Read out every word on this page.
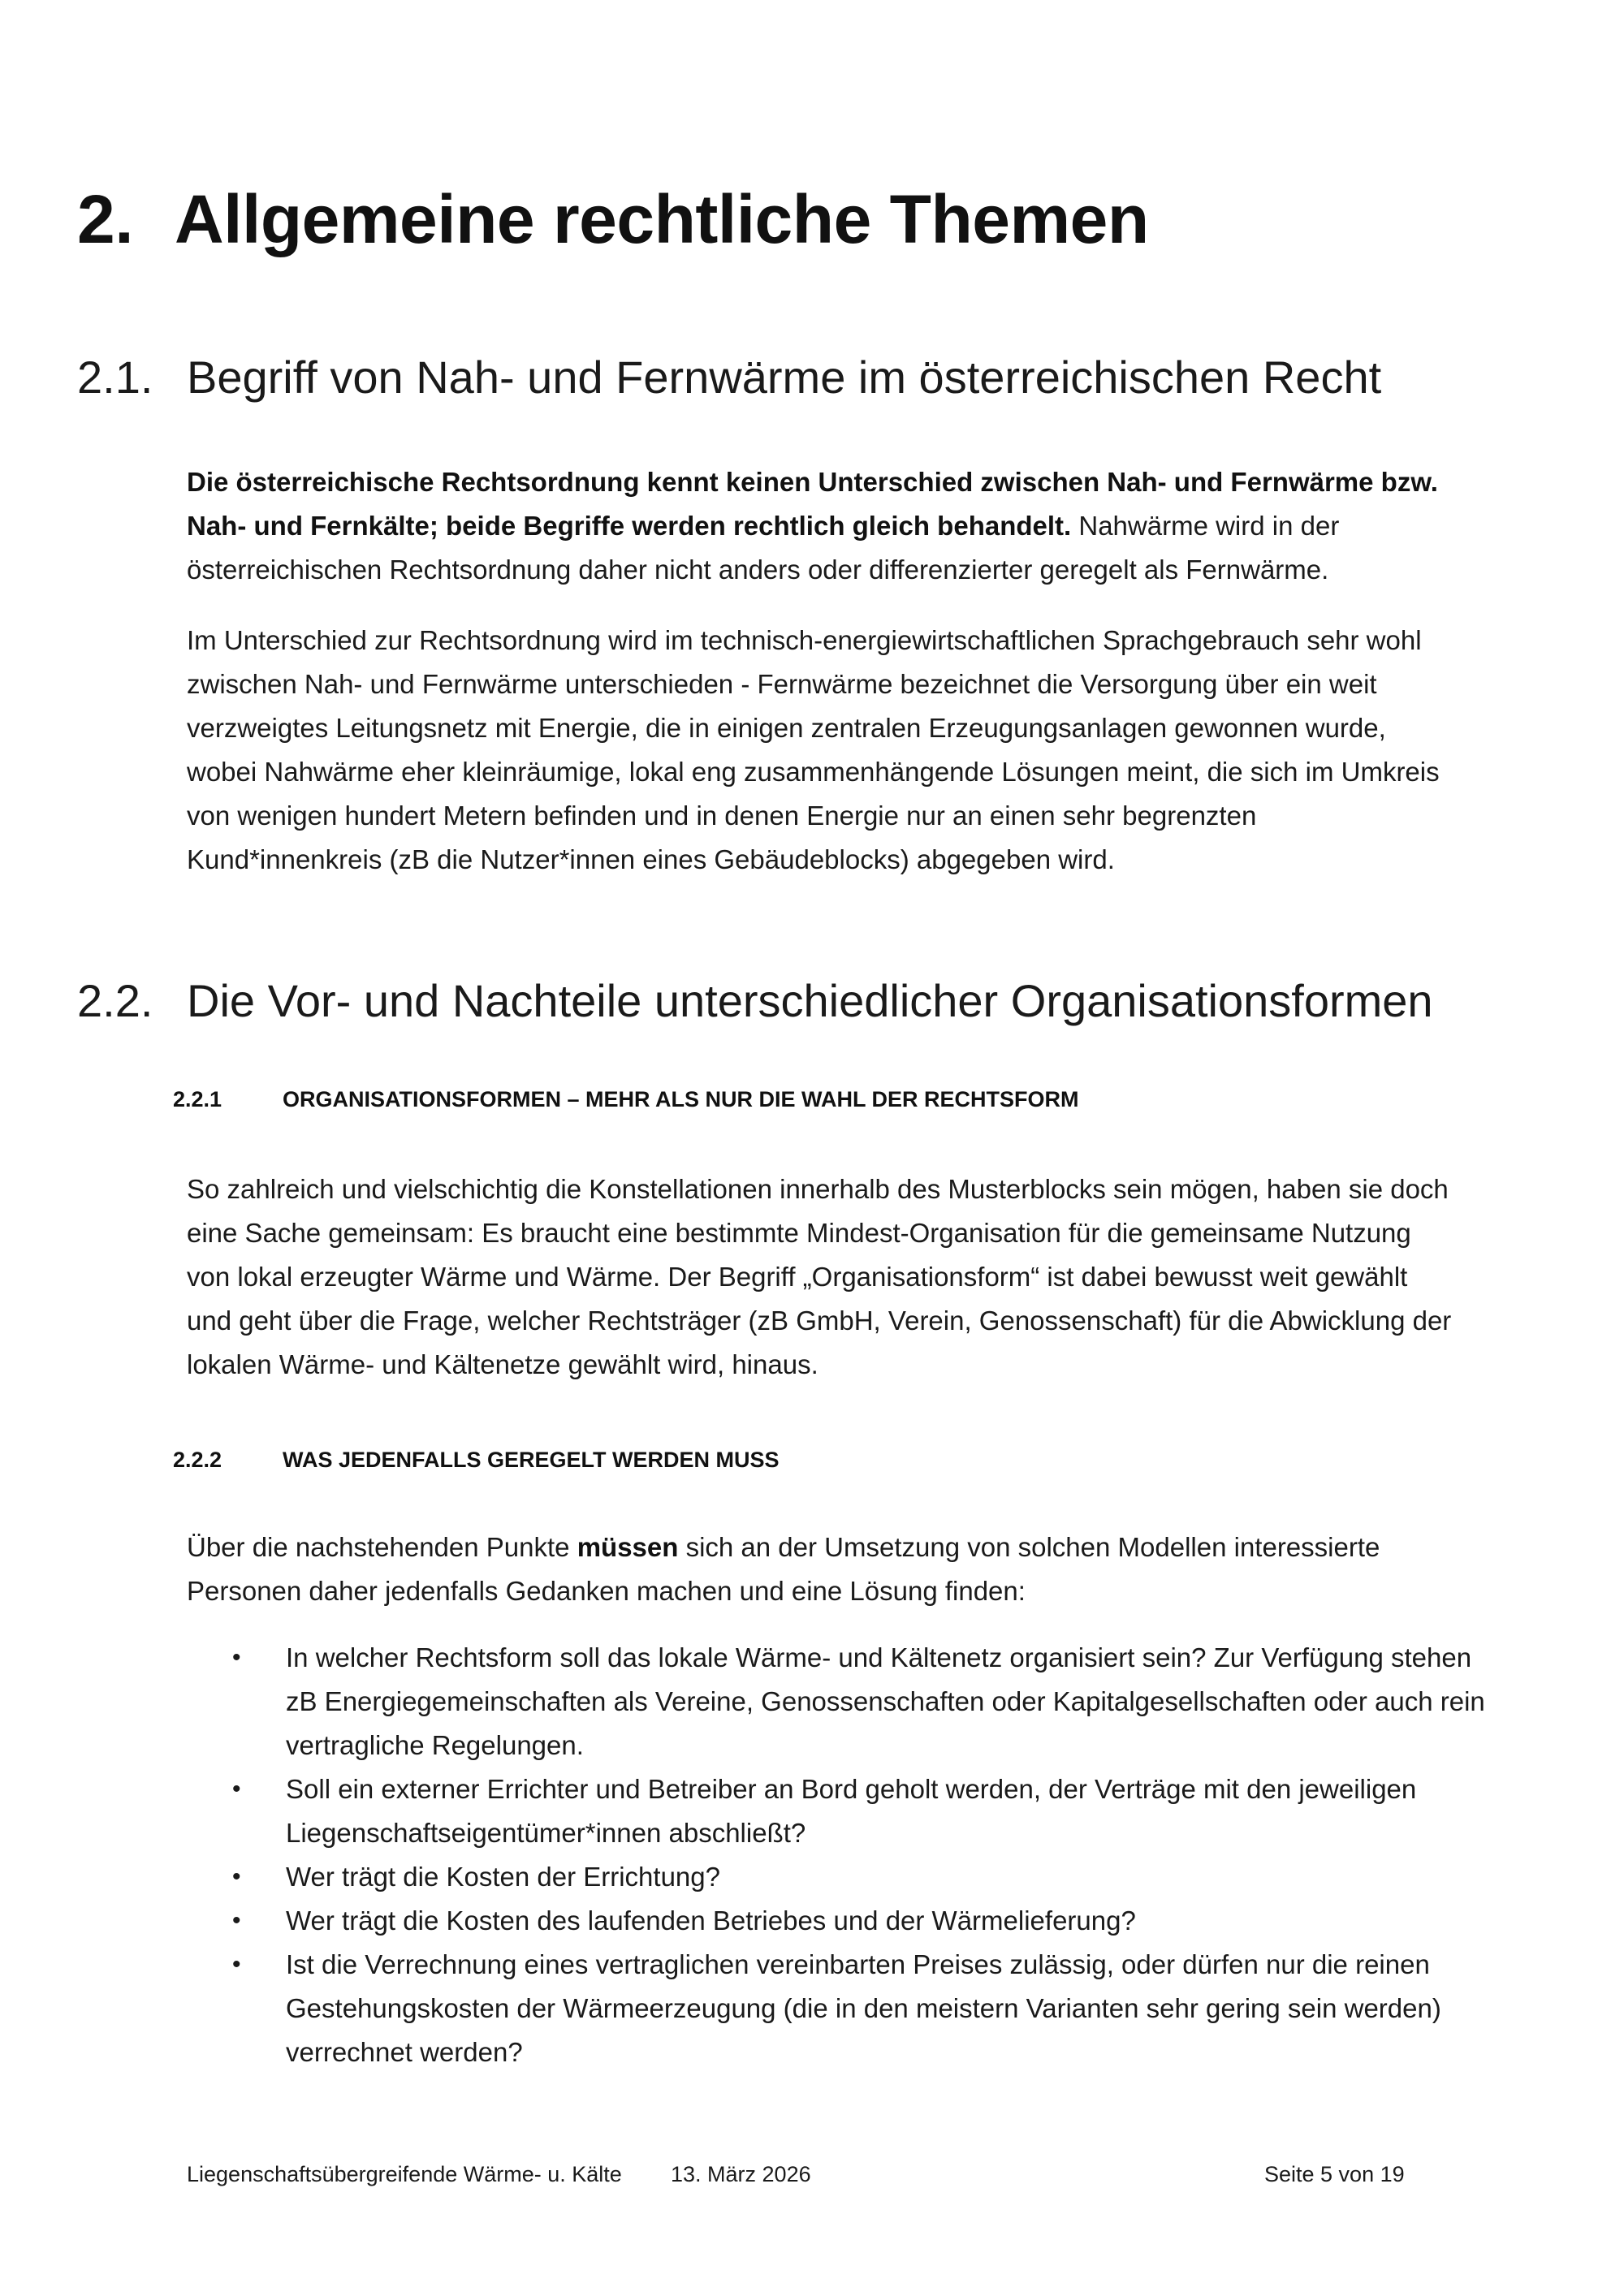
2. Allgemeine rechtliche Themen
2.1. Begriff von Nah- und Fernwärme im österreichischen Recht

Die österreichische Rechtsordnung kennt keinen Unterschied zwischen Nah- und Fernwärme bzw. Nah- und Fernkälte; beide Begriffe werden rechtlich gleich behandelt. Nahwärme wird in der österreichischen Rechtsordnung daher nicht anders oder differenzierter geregelt als Fernwärme.

Im Unterschied zur Rechtsordnung wird im technisch-energiewirtschaftlichen Sprachgebrauch sehr wohl zwischen Nah- und Fernwärme unterschieden - Fernwärme bezeichnet die Versorgung über ein weit verzweigtes Leitungsnetz mit Energie, die in einigen zentralen Erzeugungsanlagen gewonnen wurde, wobei Nahwärme eher kleinräumige, lokal eng zusammenhängende Lösungen meint, die sich im Umkreis von wenigen hundert Metern befinden und in denen Energie nur an einen sehr begrenzten Kund*innenkreis (zB die Nutzer*innen eines Gebäudeblocks) abgegeben wird.

2.2. Die Vor- und Nachteile unterschiedlicher Organisationsformen
2.2.1	ORGANISATIONSFORMEN – MEHR ALS NUR DIE WAHL DER RECHTSFORM

So zahlreich und vielschichtig die Konstellationen innerhalb des Musterblocks sein mögen, haben sie doch eine Sache gemeinsam: Es braucht eine bestimmte Mindest-Organisation für die gemeinsame Nutzung von lokal erzeugter Wärme und Wärme. Der Begriff „Organisationsform“ ist dabei bewusst weit gewählt und geht über die Frage, welcher Rechtsträger (zB GmbH, Verein, Genossenschaft) für die Abwicklung der lokalen Wärme- und Kältenetze gewählt wird, hinaus.

2.2.2	WAS JEDENFALLS GEREGELT WERDEN MUSS

Über die nachstehenden Punkte müssen sich an der Umsetzung von solchen Modellen interessierte Personen daher jedenfalls Gedanken machen und eine Lösung finden:

• In welcher Rechtsform soll das lokale Wärme- und Kältenetz organisiert sein? Zur Verfügung stehen zB Energiegemeinschaften als Vereine, Genossenschaften oder Kapitalgesellschaften oder auch rein vertragliche Regelungen.
• Soll ein externer Errichter und Betreiber an Bord geholt werden, der Verträge mit den jeweiligen Liegenschaftseigentümer*innen abschließt?
• Wer trägt die Kosten der Errichtung?
• Wer trägt die Kosten des laufenden Betriebes und der Wärmelieferung?
• Ist die Verrechnung eines vertraglichen vereinbarten Preises zulässig, oder dürfen nur die reinen Gestehungskosten der Wärmeerzeugung (die in den meistern Varianten sehr gering sein werden) verrechnet werden?
Liegenschaftsübergreifende Wärme- u. Kälte 13. März 2026	Seite 5 von 19
